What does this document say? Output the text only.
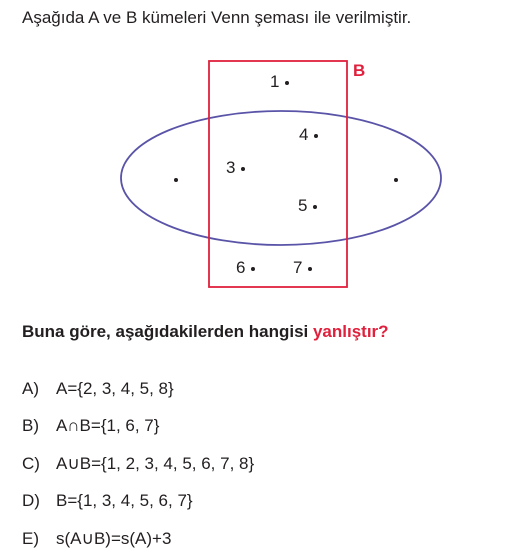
Aşağıda A ve B kümeleri Venn şeması ile verilmiştir.
B
1
4
3
5
6	7
Buna göre, aşağıdakilerden hangisi yanlıştır?
A)	A={2, 3, 4, 5, 8}
B)	A∩B={1, 6, 7}
C) A∪B={1, 2, 3, 4, 5, 6, 7, 8}
D) B={1, 3, 4, 5, 6, 7}
E)	s(A∪B)=s(A)+3
